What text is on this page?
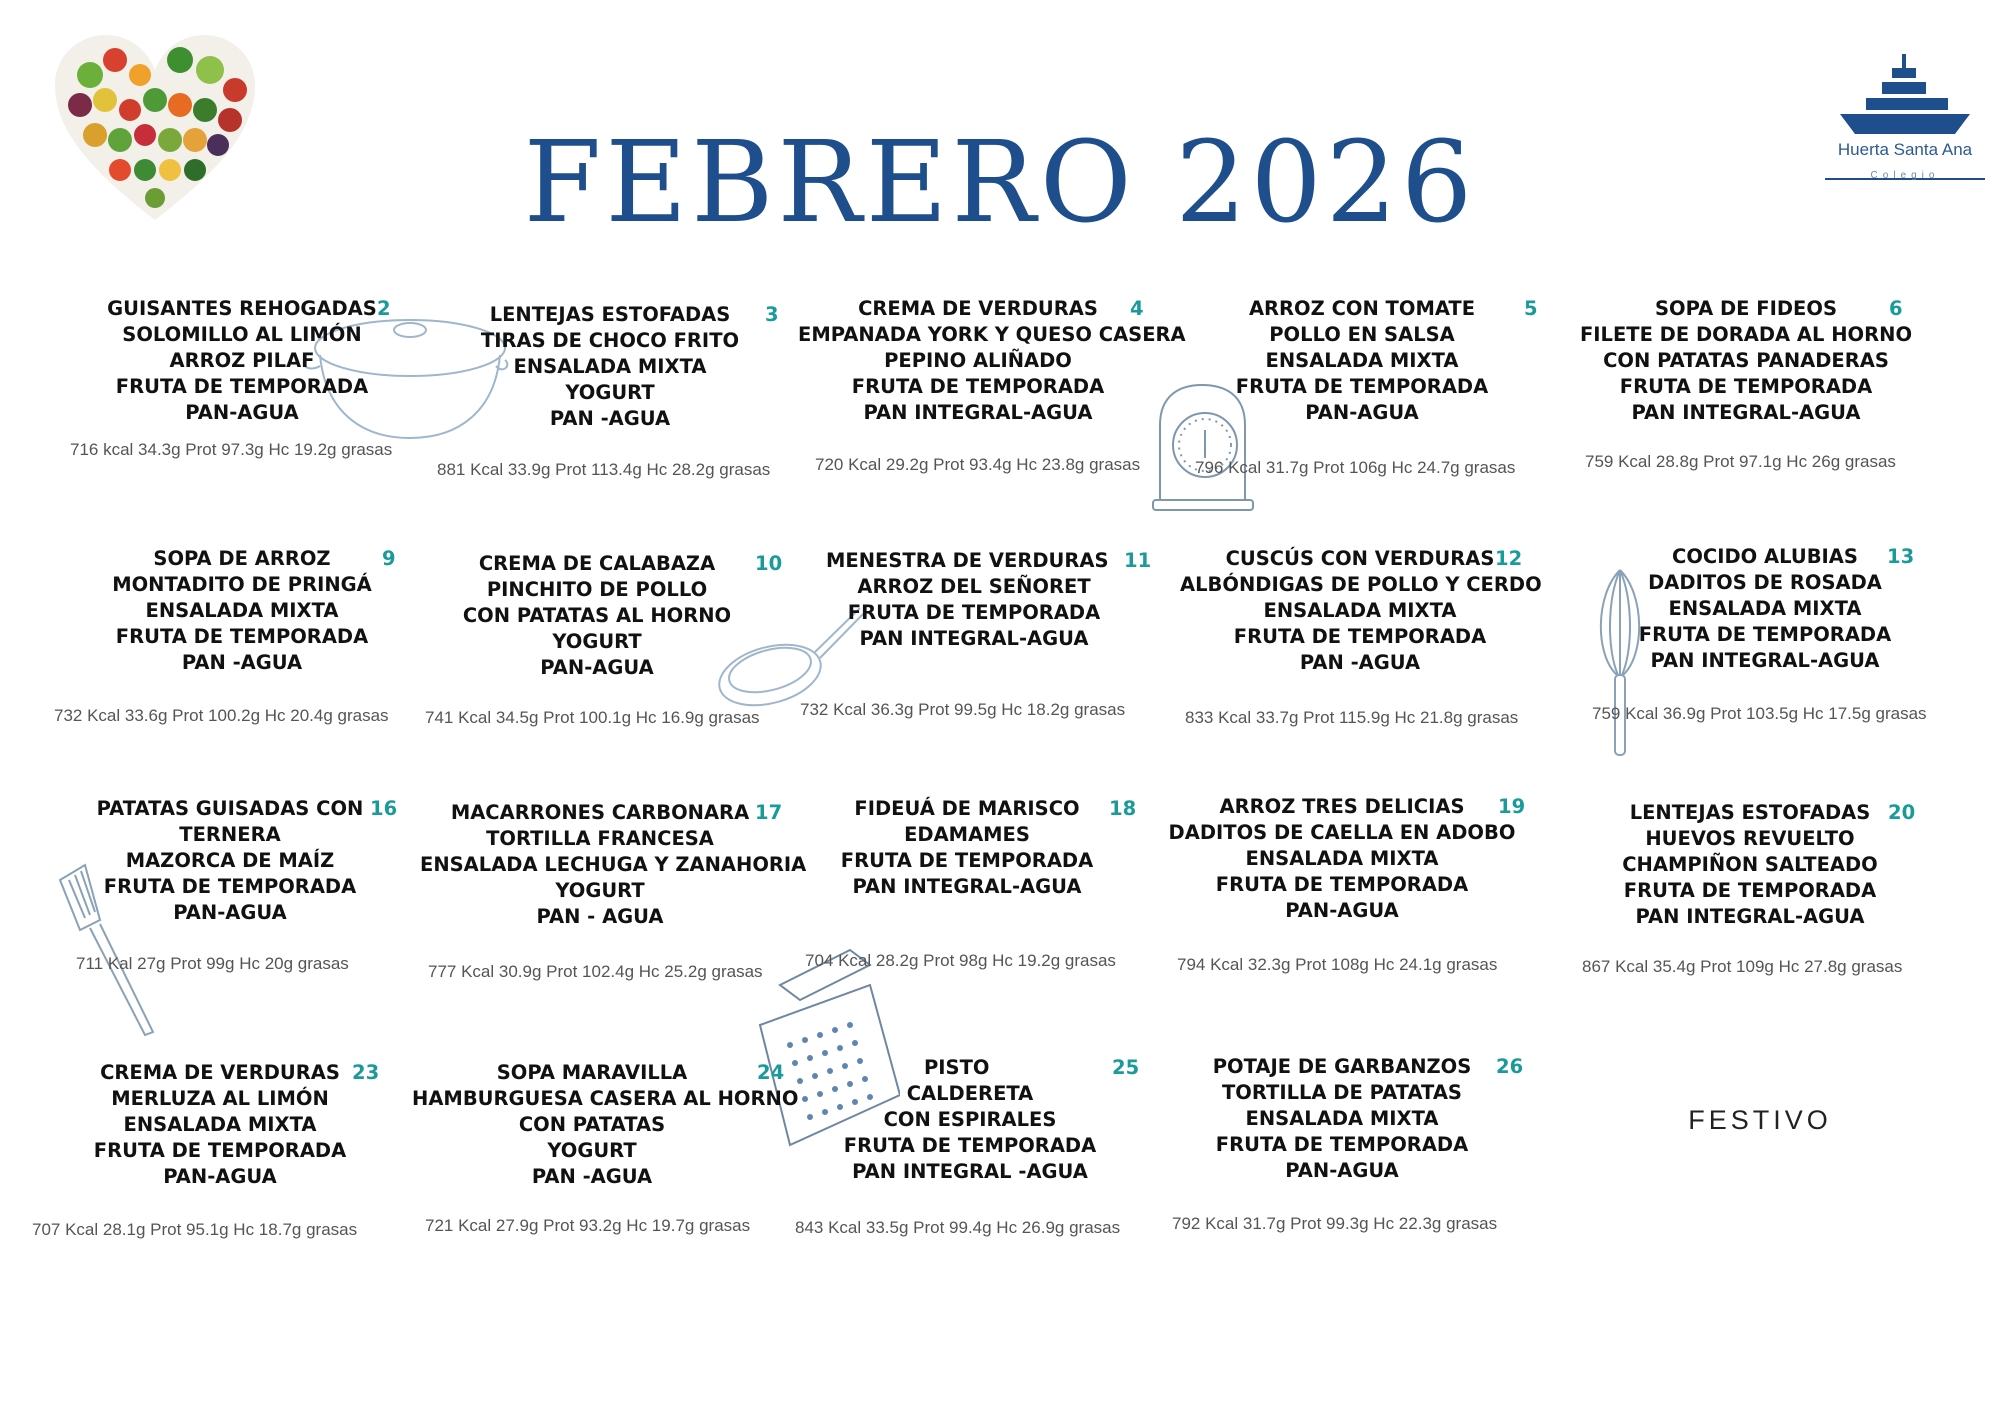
FEBRERO 2026	Huerta Santa Ana
Colegio
2
GUISANTES REHOGADAS
SOLOMILLO AL LIMÓN
ARROZ PILAF
FRUTA DE TEMPORADA
PAN-AGUA
716 kcal 34.3g Prot 97.3g Hc 19.2g grasas
3
LENTEJAS ESTOFADAS
TIRAS DE CHOCO FRITO
ENSALADA MIXTA
YOGURT
PAN -AGUA
881 Kcal 33.9g Prot 113.4g Hc 28.2g grasas
4
CREMA DE VERDURAS
EMPANADA YORK Y QUESO CASERA
PEPINO ALIÑADO
FRUTA DE TEMPORADA
PAN INTEGRAL-AGUA
720 Kcal 29.2g Prot 93.4g Hc 23.8g grasas
5
ARROZ CON TOMATE
POLLO EN SALSA
ENSALADA MIXTA
FRUTA DE TEMPORADA
PAN-AGUA
796 Kcal 31.7g Prot 106g Hc 24.7g grasas
6
SOPA DE FIDEOS
FILETE DE DORADA AL HORNO
CON PATATAS PANADERAS
FRUTA DE TEMPORADA
PAN INTEGRAL-AGUA
759 Kcal 28.8g Prot 97.1g Hc 26g grasas
9
SOPA DE ARROZ
MONTADITO DE PRINGÁ
ENSALADA MIXTA
FRUTA DE TEMPORADA
PAN -AGUA
732 Kcal 33.6g Prot 100.2g Hc 20.4g grasas
10
CREMA DE CALABAZA
PINCHITO DE POLLO
CON PATATAS AL HORNO
YOGURT
PAN-AGUA
741 Kcal 34.5g Prot 100.1g Hc 16.9g grasas
11
MENESTRA DE VERDURAS
ARROZ DEL SEÑORET
FRUTA DE TEMPORADA
PAN INTEGRAL-AGUA
732 Kcal 36.3g Prot 99.5g Hc 18.2g grasas
12
CUSCÚS CON VERDURAS
ALBÓNDIGAS DE POLLO Y CERDO
ENSALADA MIXTA
FRUTA DE TEMPORADA
PAN -AGUA
833 Kcal 33.7g Prot 115.9g Hc 21.8g grasas
13
COCIDO ALUBIAS
DADITOS DE ROSADA
ENSALADA MIXTA
FRUTA DE TEMPORADA
PAN INTEGRAL-AGUA
759 Kcal 36.9g Prot 103.5g Hc 17.5g grasas
16
PATATAS GUISADAS CON
TERNERA
MAZORCA DE MAÍZ
FRUTA DE TEMPORADA
PAN-AGUA
711 Kal 27g Prot 99g Hc 20g grasas
17
MACARRONES CARBONARA
TORTILLA FRANCESA
ENSALADA LECHUGA Y ZANAHORIA
YOGURT
PAN - AGUA
777 Kcal 30.9g Prot 102.4g Hc 25.2g grasas
18
FIDEUÁ DE MARISCO
EDAMAMES
FRUTA DE TEMPORADA
PAN INTEGRAL-AGUA
704 Kcal 28.2g Prot 98g Hc 19.2g grasas
19
ARROZ TRES DELICIAS
DADITOS DE CAELLA EN ADOBO
ENSALADA MIXTA
FRUTA DE TEMPORADA
PAN-AGUA
794 Kcal 32.3g Prot 108g Hc 24.1g grasas
20
LENTEJAS ESTOFADAS
HUEVOS REVUELTO
CHAMPIÑON SALTEADO
FRUTA DE TEMPORADA
PAN INTEGRAL-AGUA
867 Kcal 35.4g Prot 109g Hc 27.8g grasas
23
CREMA DE VERDURAS
MERLUZA AL LIMÓN
ENSALADA MIXTA
FRUTA DE TEMPORADA
PAN-AGUA
707 Kcal 28.1g Prot 95.1g Hc 18.7g grasas
24
SOPA MARAVILLA
HAMBURGUESA CASERA AL HORNO
CON PATATAS
YOGURT
PAN -AGUA
721 Kcal 27.9g Prot 93.2g Hc 19.7g grasas
25
PISTO
CALDERETA
CON ESPIRALES
FRUTA DE TEMPORADA
PAN INTEGRAL -AGUA
843 Kcal 33.5g Prot 99.4g Hc 26.9g grasas
26
POTAJE DE GARBANZOS
TORTILLA DE PATATAS
ENSALADA MIXTA
FRUTA DE TEMPORADA
PAN-AGUA
792 Kcal 31.7g Prot 99.3g Hc 22.3g grasas
FESTIVO
